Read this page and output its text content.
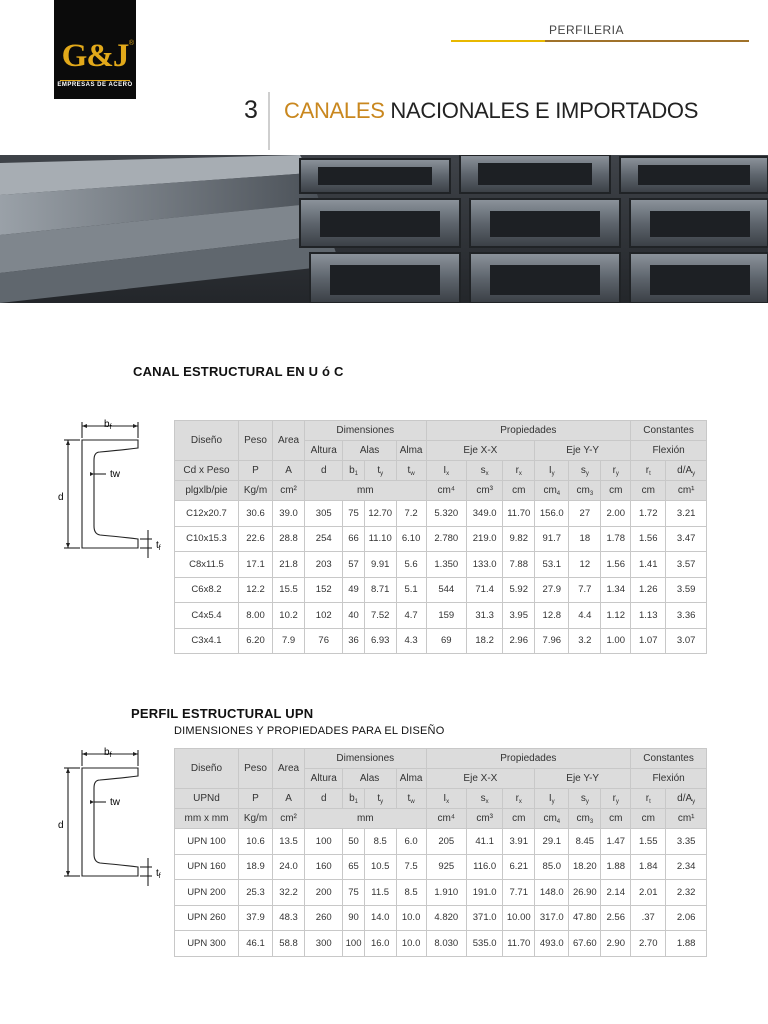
G&J ®
EMPRESAS DE ACERO
PERFILERIA
3 CANALES NACIONALES E IMPORTADOS
CANAL ESTRUCTURAL EN U ó C
$b_f$
tw
d
$t_f$
Diseño	Peso	Area	Dimensiones				Propiedades						Constantes	
			Altura	Alas		Alma	Eje X-X			Eje Y-Y			Flexión	
Cd x Peso	P	A	d	$b_1$	$t_y$	$t_w$	$I_x$	$s_x$	$r_x$	$I_y$	$s_y$	$r_y$	$r_t$	$d/A_y$
plgxlb/pie	Kg/m	cm²	mm				cm⁴	cm³	cm	$cm_4$	$cm_3$	cm	cm	cm¹
C12x20.7	30.6	39.0	305	75	12.70	7.2	5.320	349.0	11.70	156.0	27	2.00	1.72	3.21
C10x15.3	22.6	28.8	254	66	11.10	6.10	2.780	219.0	9.82	91.7	18	1.78	1.56	3.47
C8x11.5	17.1	21.8	203	57	9.91	5.6	1.350	133.0	7.88	53.1	12	1.56	1.41	3.57
C6x8.2	12.2	15.5	152	49	8.71	5.1	544	71.4	5.92	27.9	7.7	1.34	1.26	3.59
C4x5.4	8.00	10.2	102	40	7.52	4.7	159	31.3	3.95	12.8	4.4	1.12	1.13	3.36
C3x4.1	6.20	7.9	76	36	6.93	4.3	69	18.2	2.96	7.96	3.2	1.00	1.07	3.07
PERFIL ESTRUCTURAL UPN
DIMENSIONES Y PROPIEDADES PARA EL DISEÑO
$b_f$
tw
d
$t_f$
Diseño	Peso	Area	Dimensiones				Propiedades						Constantes	
			Altura	Alas		Alma	Eje X-X			Eje Y-Y			Flexión	
UPNd	P	A	d	$b_1$	$t_y$	$t_w$	$I_x$	$s_x$	$r_x$	$I_y$	$s_y$	$r_y$	$r_t$	$d/A_y$
mm x mm	Kg/m	cm²	mm				cm⁴	cm³	cm	$cm_4$	$cm_3$	cm	cm	cm¹
UPN 100	10.6	13.5	100	50	8.5	6.0	205	41.1	3.91	29.1	8.45	1.47	1.55	3.35
UPN 160	18.9	24.0	160	65	10.5	7.5	925	116.0	6.21	85.0	18.20	1.88	1.84	2.34
UPN 200	25.3	32.2	200	75	11.5	8.5	1.910	191.0	7.71	148.0	26.90	2.14	2.01	2.32
UPN 260	37.9	48.3	260	90	14.0	10.0	4.820	371.0	10.00	317.0	47.80	2.56	.37	2.06
UPN 300	46.1	58.8	300	100	16.0	10.0	8.030	535.0	11.70	493.0	67.60	2.90	2.70	1.88
